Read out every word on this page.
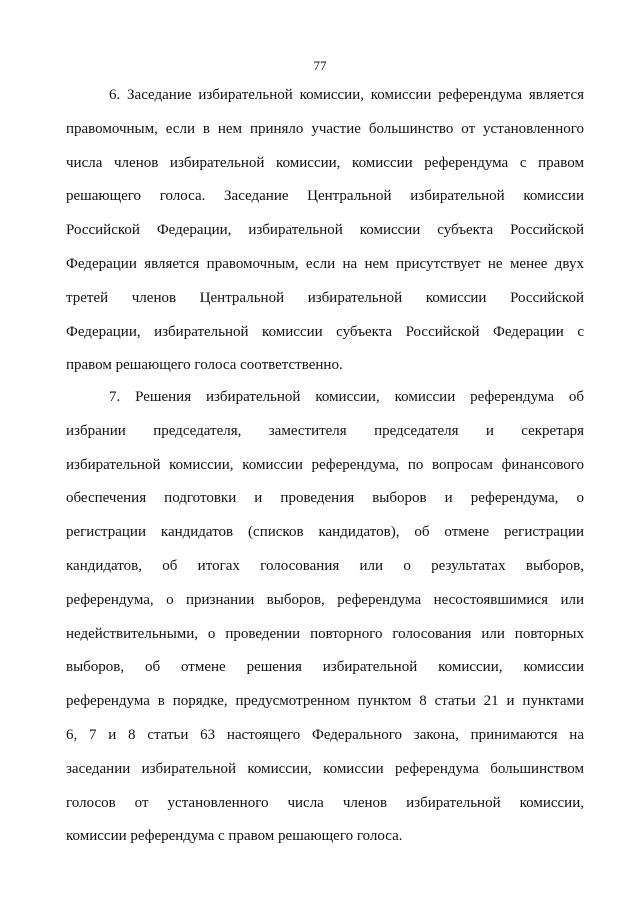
77
6. Заседание избирательной комиссии, комиссии референдума является
правомочным, если в нем приняло участие большинство от установленного
числа членов избирательной комиссии, комиссии референдума с правом
решающего голоса. Заседание Центральной избирательной комиссии
Российской Федерации, избирательной комиссии субъекта Российской
Федерации является правомочным, если на нем присутствует не менее двух
третей членов Центральной избирательной комиссии Российской
Федерации, избирательной комиссии субъекта Российской Федерации с
правом решающего голоса соответственно.
7. Решения избирательной комиссии, комиссии референдума об
избрании председателя, заместителя председателя и секретаря
избирательной комиссии, комиссии референдума, по вопросам финансового
обеспечения подготовки и проведения выборов и референдума, о
регистрации кандидатов (списков кандидатов), об отмене регистрации
кандидатов, об итогах голосования или о результатах выборов,
референдума, о признании выборов, референдума несостоявшимися или
недействительными, о проведении повторного голосования или повторных
выборов, об отмене решения избирательной комиссии, комиссии
референдума в порядке, предусмотренном пунктом 8 статьи 21 и пунктами
6, 7 и 8 статьи 63 настоящего Федерального закона, принимаются на
заседании избирательной комиссии, комиссии референдума большинством
голосов от установленного числа членов избирательной комиссии,
комиссии референдума с правом решающего голоса.
